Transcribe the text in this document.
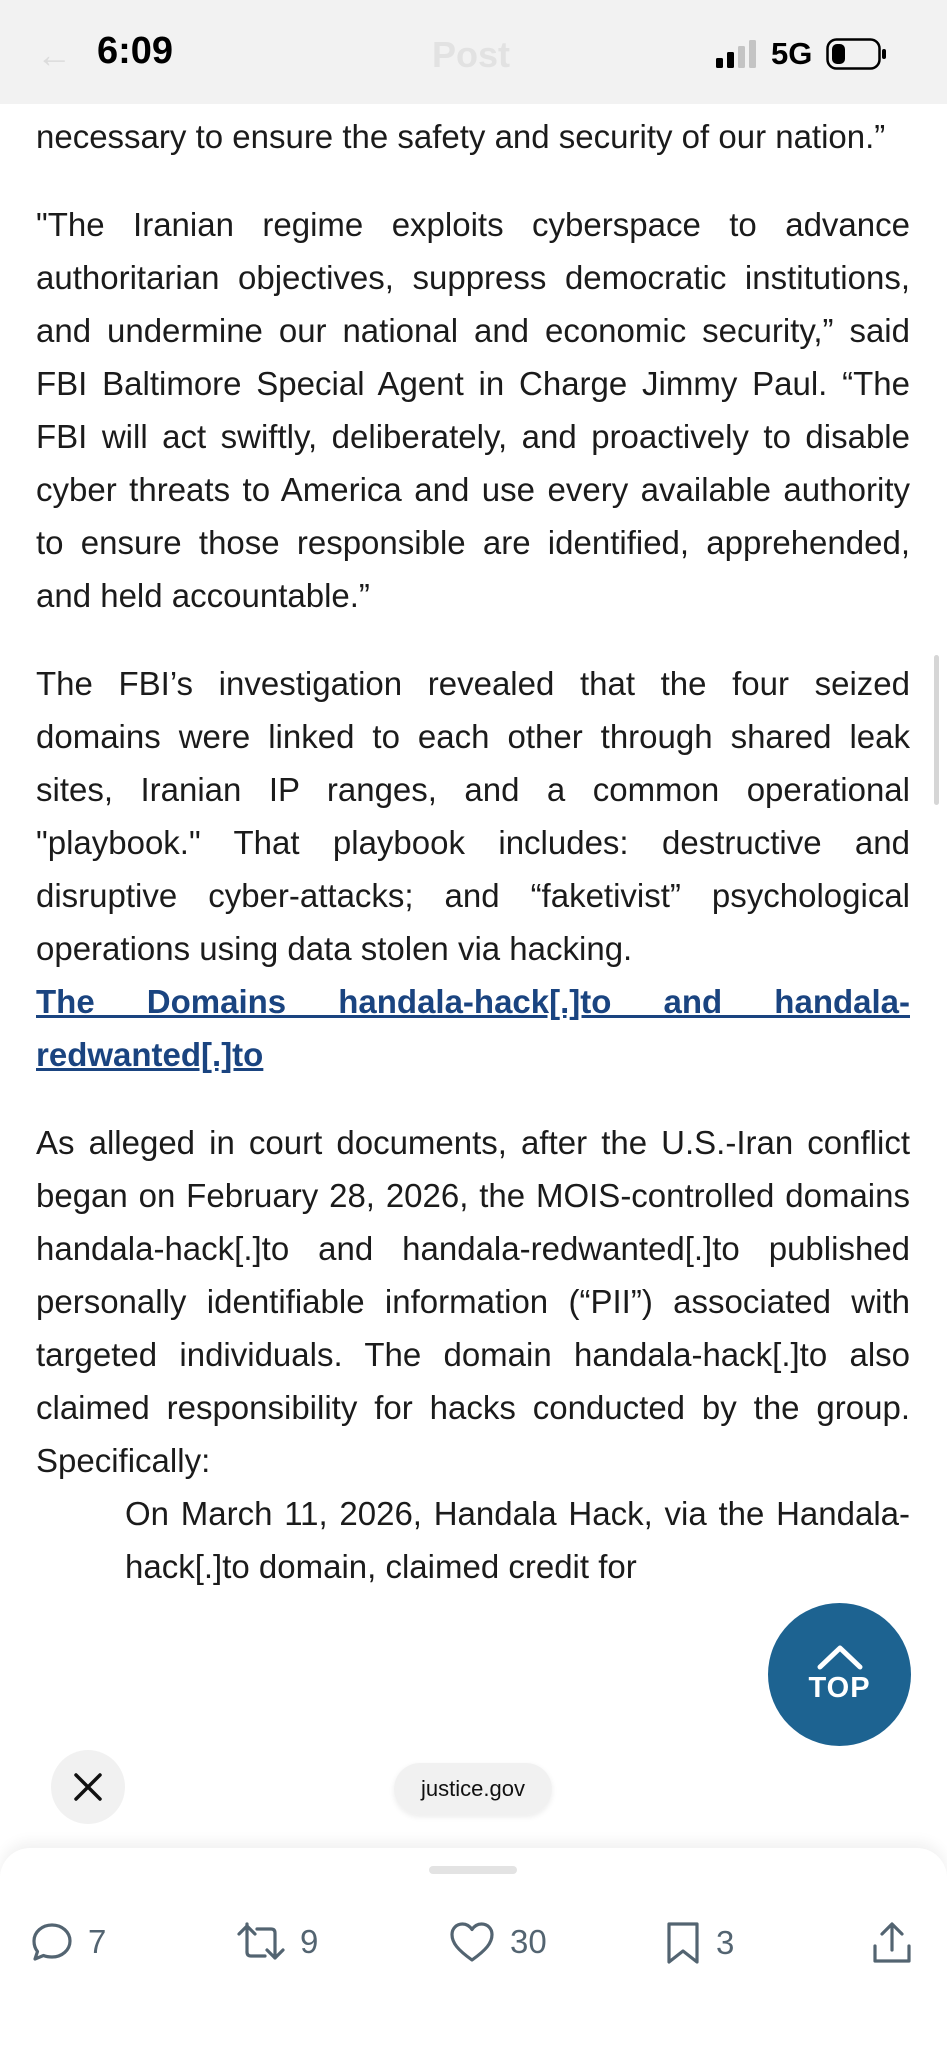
← 6:09	Post	5G

necessary to ensure the safety and security of our nation.”

"The Iranian regime exploits cyberspace to advance authoritarian objectives, suppress democratic institutions, and undermine our national and economic security,” said FBI Baltimore Special Agent in Charge Jimmy Paul. “The FBI will act swiftly, deliberately, and proactively to disable cyber threats to America and use every available authority to ensure those responsible are identified, apprehended, and held accountable.”

The FBI’s investigation revealed that the four seized domains were linked to each other through shared leak sites, Iranian IP ranges, and a common operational "playbook." That playbook includes: destructive and disruptive cyber-attacks; and “faketivist” psychological operations using data stolen via hacking.

The Domains handala-hack[.]to and handala-redwanted[.]to

As alleged in court documents, after the U.S.-Iran conflict began on February 28, 2026, the MOIS-controlled domains handala-hack[.]to and handala-redwanted[.]to published personally identifiable information (“PII”) associated with targeted individuals. The domain handala-hack[.]to also claimed responsibility for hacks conducted by the group. Specifically:

On March 11, 2026, Handala Hack, via the Handala-hack[.]to domain, claimed credit for

TOP
justice.gov
7	9	30	3
